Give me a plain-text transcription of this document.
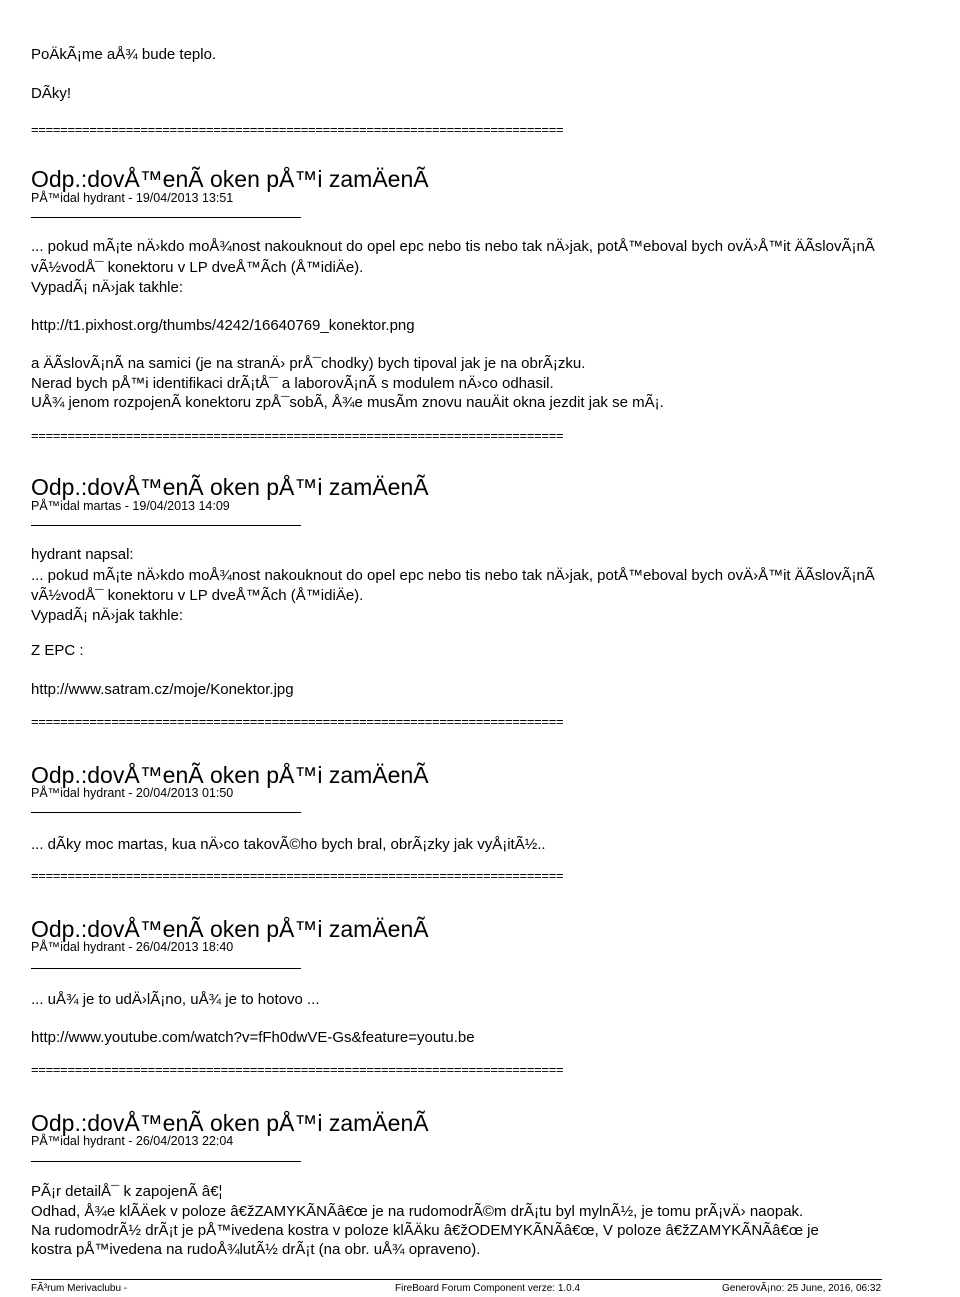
PoÄkÃ¡me aÅ¾ bude teplo.
DÃky!
=========================================================================
Odp.:dovÅ™enÃ oken pÅ™i zamÄenÃ
PÅ™idal hydrant - 19/04/2013 13:51
... pokud mÃ¡te nÄ›kdo moÅ¾nost nakouknout do opel epc nebo tis nebo tak nÄ›jak, potÅ™eboval bych ovÄ›Å™it ÄÃslovÃ¡nÃ
vÃ½vodÅ¯ konektoru v LP dveÅ™Ãch (Å™idiÄe).
VypadÃ¡ nÄ›jak takhle:
http://t1.pixhost.org/thumbs/4242/16640769_konektor.png
a ÄÃslovÃ¡nÃ na samici (je na stranÄ› prÅ¯chodky) bych tipoval jak je na obrÃ¡zku.
Nerad bych pÅ™i identifikaci drÃ¡tÅ¯ a laborovÃ¡nÃ s modulem nÄ›co odhasil.
UÅ¾ jenom rozpojenÃ konektoru zpÅ¯sobÃ, Å¾e musÃm znovu nauÄit okna jezdit jak se mÃ¡.
=========================================================================
Odp.:dovÅ™enÃ oken pÅ™i zamÄenÃ
PÅ™idal martas - 19/04/2013 14:09
hydrant napsal:
... pokud mÃ¡te nÄ›kdo moÅ¾nost nakouknout do opel epc nebo tis nebo tak nÄ›jak, potÅ™eboval bych ovÄ›Å™it ÄÃslovÃ¡nÃ
vÃ½vodÅ¯ konektoru v LP dveÅ™Ãch (Å™idiÄe).
VypadÃ¡ nÄ›jak takhle:
Z EPC :
http://www.satram.cz/moje/Konektor.jpg
=========================================================================
Odp.:dovÅ™enÃ oken pÅ™i zamÄenÃ
PÅ™idal hydrant - 20/04/2013 01:50
... dÃky moc martas, kua nÄ›co takovÃ©ho bych bral, obrÃ¡zky jak vyÅ¡itÃ½..
=========================================================================
Odp.:dovÅ™enÃ oken pÅ™i zamÄenÃ
PÅ™idal hydrant - 26/04/2013 18:40
... uÅ¾ je to udÄ›lÃ¡no, uÅ¾ je to hotovo ...
http://www.youtube.com/watch?v=fFh0dwVE-Gs&feature=youtu.be
=========================================================================
Odp.:dovÅ™enÃ oken pÅ™i zamÄenÃ
PÅ™idal hydrant - 26/04/2013 22:04
PÃ¡r detailÅ¯ k zapojenÃ â€¦
Odhad, Å¾e klÃÄek v poloze â€žZAMYKÃNÃâ€œ je na rudomodrÃ©m drÃ¡tu byl mylnÃ½, je tomu prÃ¡vÄ› naopak.
Na rudomodrÃ½ drÃ¡t je pÅ™ivedena kostra v poloze klÃÄku â€žODEMYKÃNÃâ€œ, V poloze â€žZAMYKÃNÃâ€œ je
kostra pÅ™ivedena na rudoÅ¾lutÃ½ drÃ¡t (na obr. uÅ¾ opraveno).
FÃ³rum Merivaclubu -	FireBoard Forum Component verze: 1.0.4	GenerovÃ¡no: 25 June, 2016, 06:32
